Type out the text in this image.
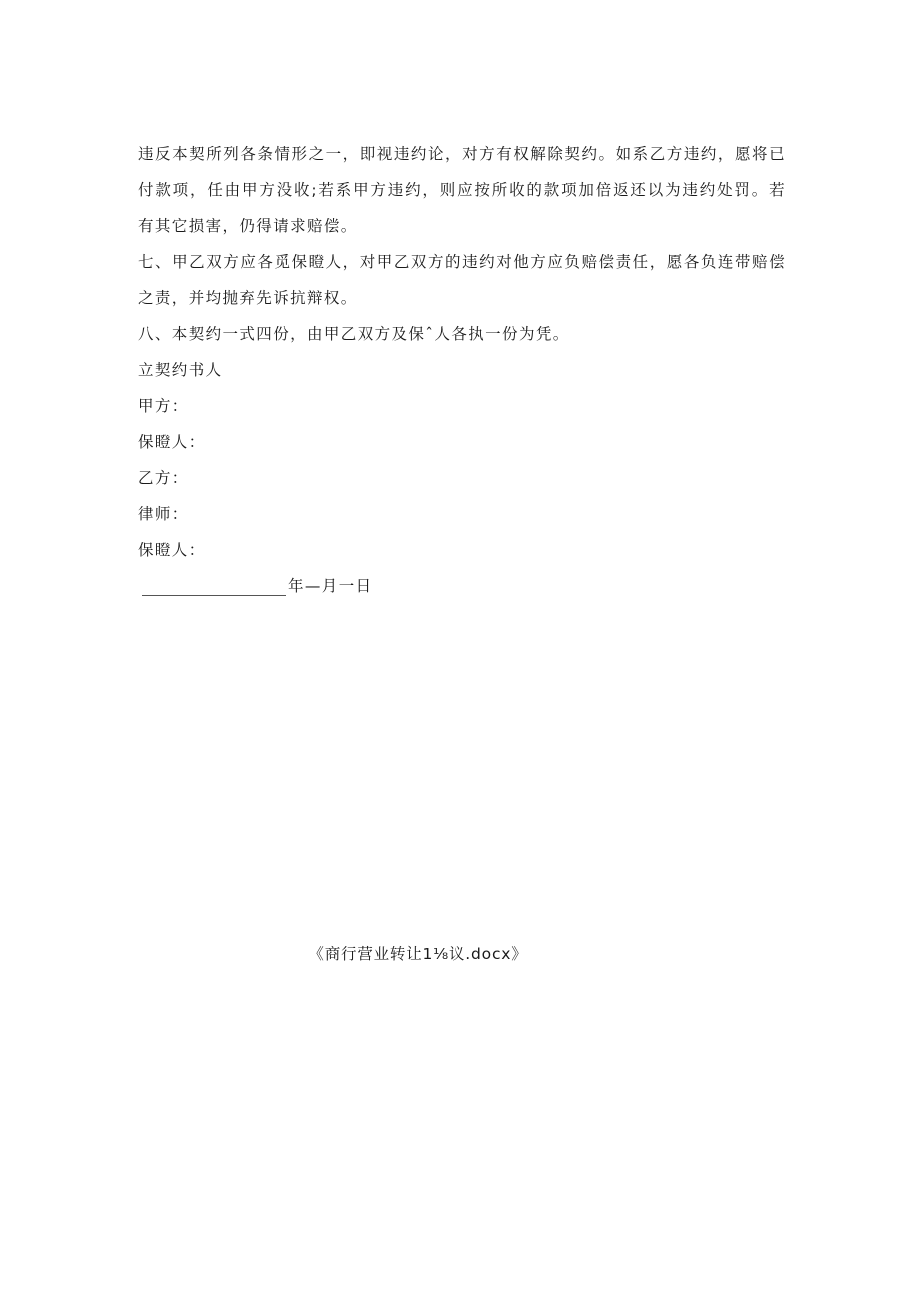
违反本契所列各条情形之一，即视违约论，对方有权解除契约。如系乙方违约，愿将已付款项，任由甲方没收;若系甲方违约，则应按所收的款项加倍返还以为违约处罚。若有其它损害，仍得请求赔偿。

七、甲乙双方应各觅保瞪人，对甲乙双方的违约对他方应负赔偿责任，愿各负连带赔偿之责，并均抛弃先诉抗辩权。

八、本契约一式四份，由甲乙双方及保ˆ人各执一份为凭。

立契约书人

甲方：

保瞪人：

乙方：

律师：

保瞪人：

年—月一日

《商行营业转让1⅛议.docx》
